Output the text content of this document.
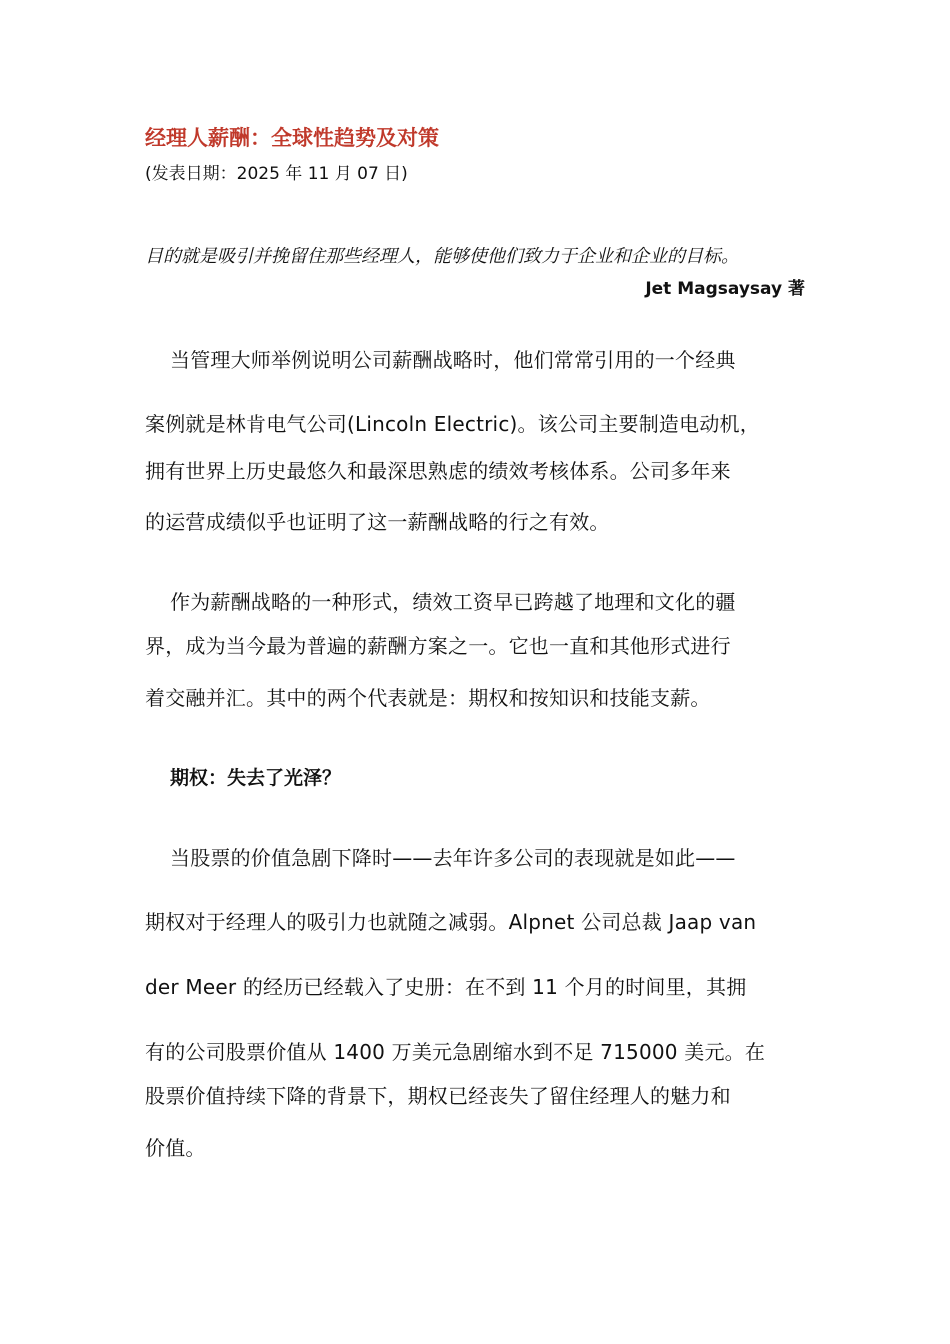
经理人薪酬：全球性趋势及对策
(发表日期：2025 年 11 月 07 日)
目的就是吸引并挽留住那些经理人，能够使他们致力于企业和企业的目标。
Jet Magsaysay 著
当管理大师举例说明公司薪酬战略时，他们常常引用的一个经典
案例就是林肯电气公司(Lincoln Electric)。该公司主要制造电动机，
拥有世界上历史最悠久和最深思熟虑的绩效考核体系。公司多年来
的运营成绩似乎也证明了这一薪酬战略的行之有效。
作为薪酬战略的一种形式，绩效工资早已跨越了地理和文化的疆
界，成为当今最为普遍的薪酬方案之一。它也一直和其他形式进行
着交融并汇。其中的两个代表就是：期权和按知识和技能支薪。
期权：失去了光泽？
当股票的价值急剧下降时——去年许多公司的表现就是如此——
期权对于经理人的吸引力也就随之减弱。Alpnet 公司总裁 Jaap van
der Meer 的经历已经载入了史册：在不到 11 个月的时间里，其拥
有的公司股票价值从 1400 万美元急剧缩水到不足 715000 美元。在
股票价值持续下降的背景下，期权已经丧失了留住经理人的魅力和
价值。
